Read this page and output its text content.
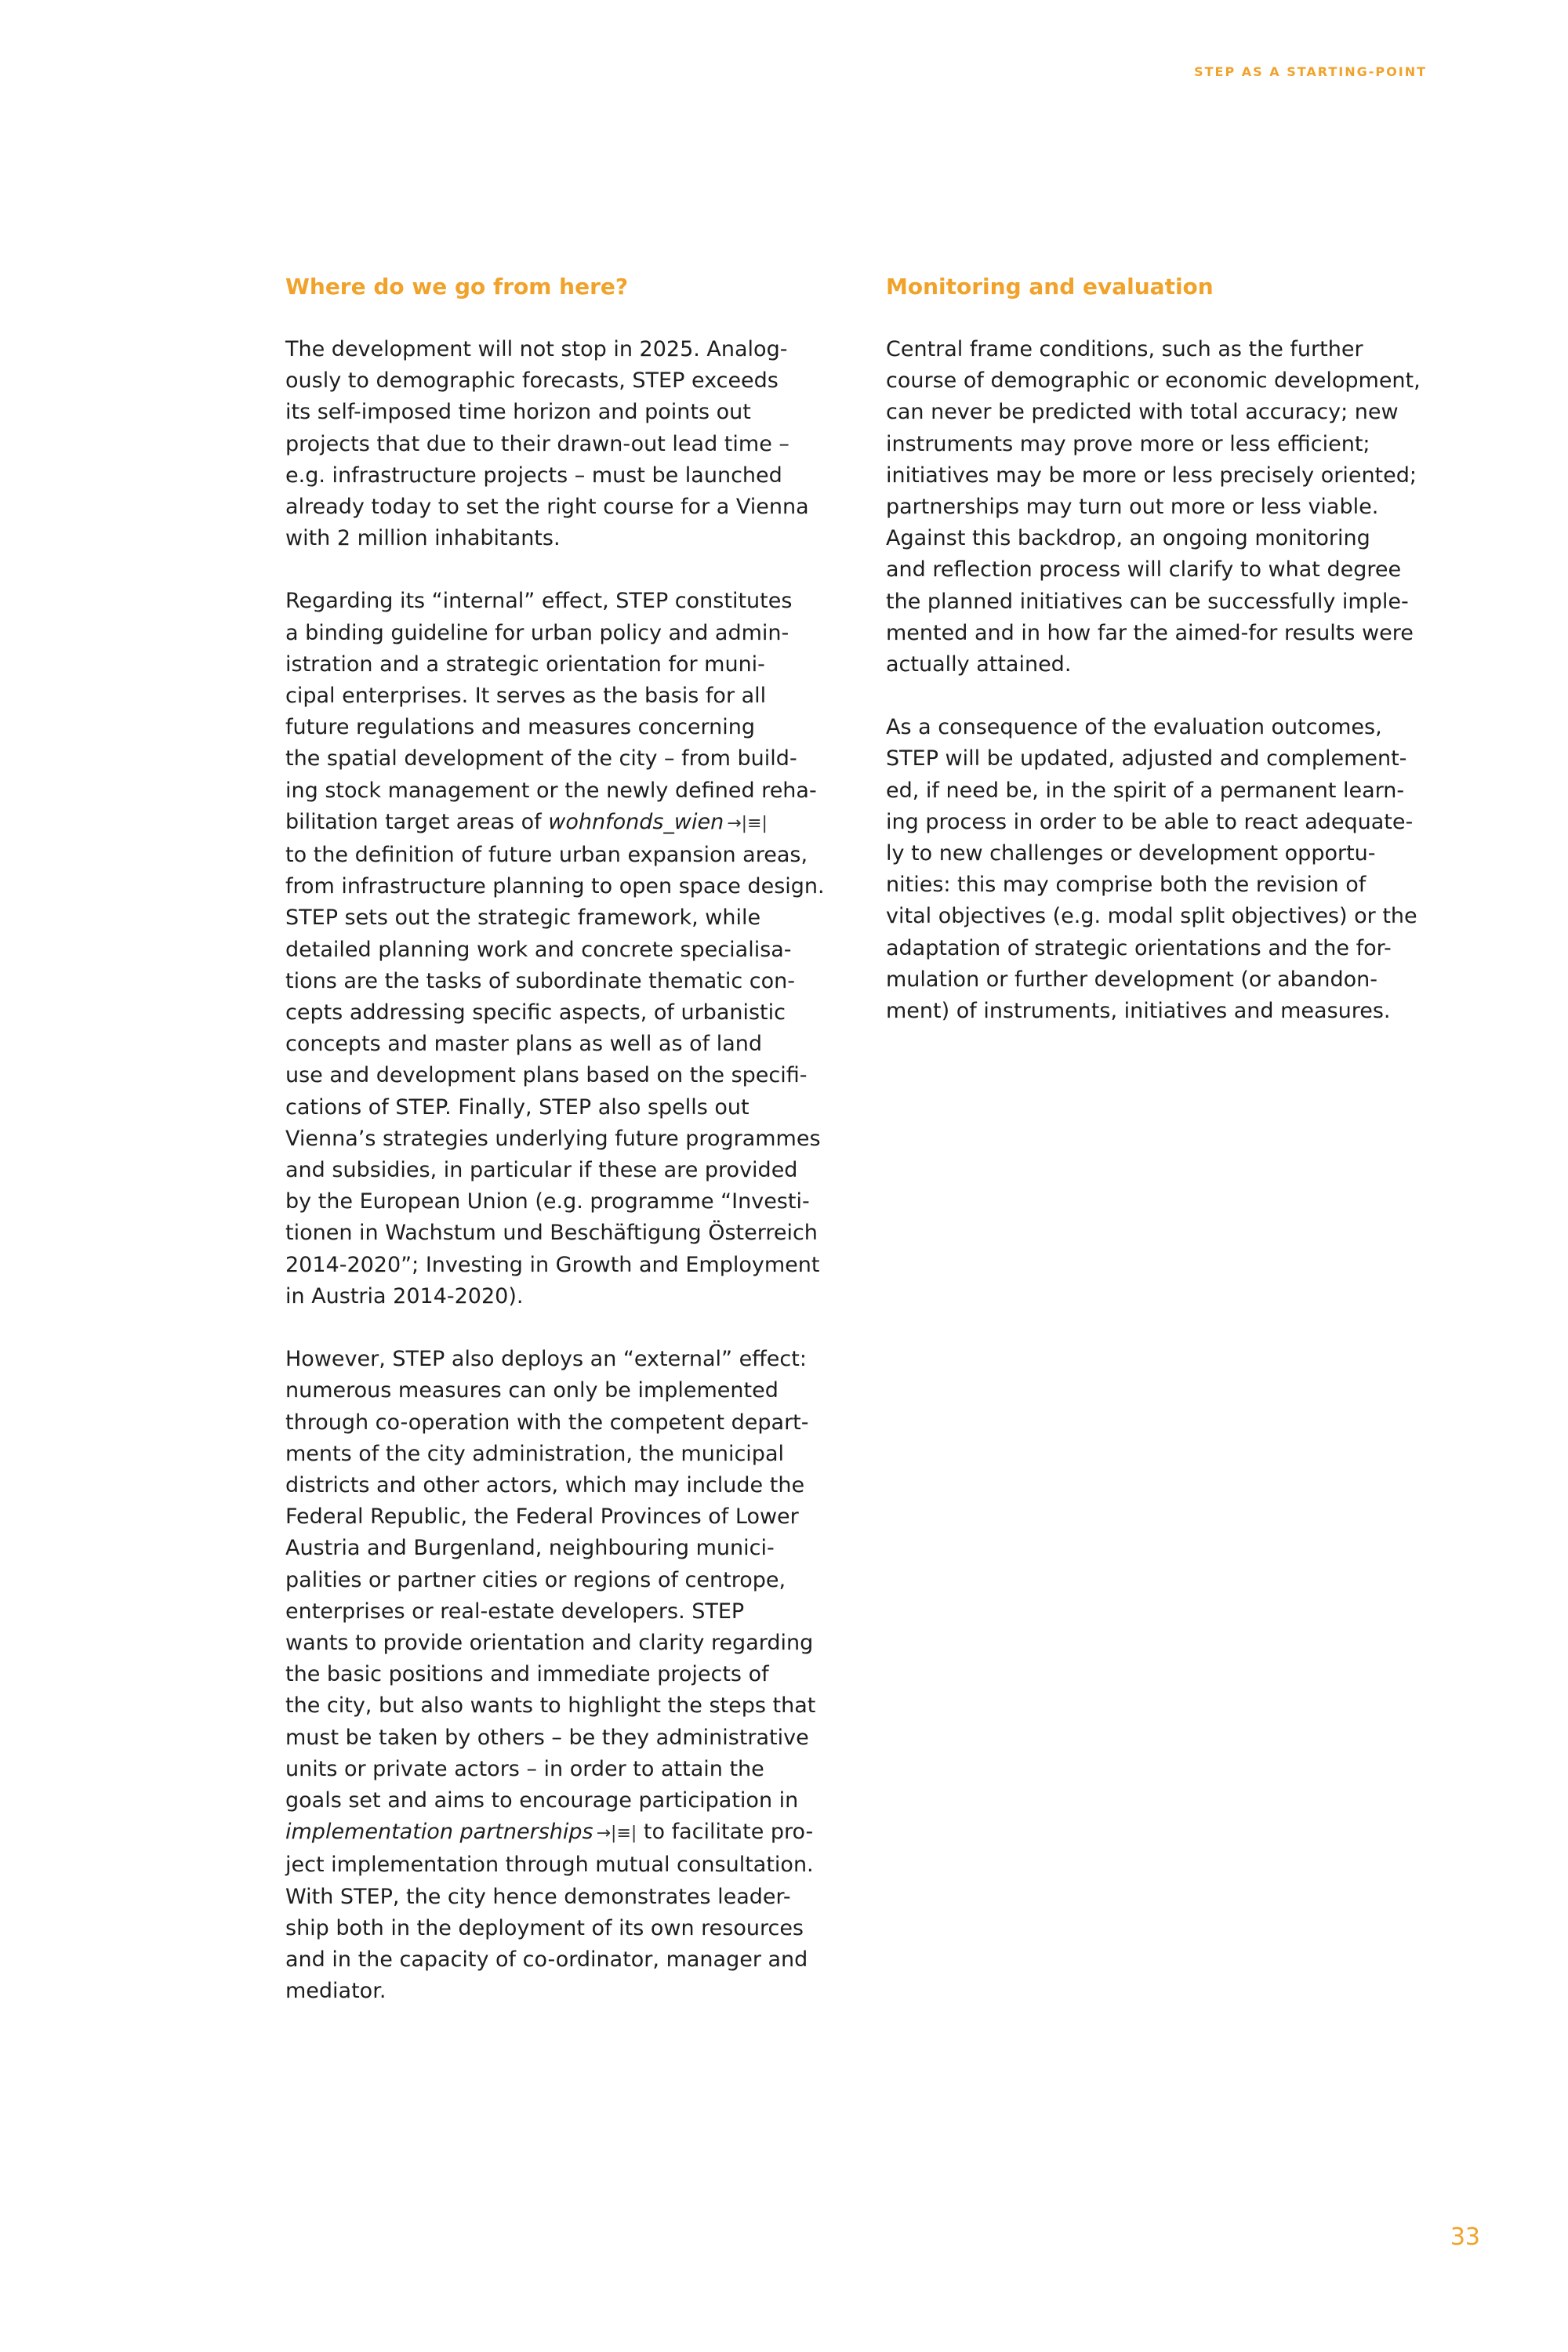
STEP AS A STARTING-POINT
Where do we go from here?
The development will not stop in 2025. Analog-
ously to demographic forecasts, STEP exceeds
its self-imposed time horizon and points out
projects that due to their drawn-out lead time –
e.g. infrastructure projects – must be launched
already today to set the right course for a Vienna
with 2 million inhabitants.
Regarding its “internal” effect, STEP constitutes
a binding guideline for urban policy and admin-
istration and a strategic orientation for muni-
cipal enterprises. It serves as the basis for all
future regulations and measures concerning
the spatial development of the city – from build-
ing stock management or the newly defined reha-
bilitation target areas of wohnfonds_wien →|≡|
to the definition of future urban expansion areas,
from infrastructure planning to open space design.
STEP sets out the strategic framework, while
detailed planning work and concrete specialisa-
tions are the tasks of subordinate thematic con-
cepts addressing specific aspects, of urbanistic
concepts and master plans as well as of land
use and development plans based on the specifi-
cations of STEP. Finally, STEP also spells out
Vienna’s strategies underlying future programmes
and subsidies, in particular if these are provided
by the European Union (e.g. programme “Investi-
tionen in Wachstum und Beschäftigung Österreich
2014-2020”; Investing in Growth and Employment
in Austria 2014-2020).
However, STEP also deploys an “external” effect:
numerous measures can only be implemented
through co-operation with the competent depart-
ments of the city administration, the municipal
districts and other actors, which may include the
Federal Republic, the Federal Provinces of Lower
Austria and Burgenland, neighbouring munici-
palities or partner cities or regions of centrope,
enterprises or real-estate developers. STEP
wants to provide orientation and clarity regarding
the basic positions and immediate projects of
the city, but also wants to highlight the steps that
must be taken by others – be they administrative
units or private actors – in order to attain the
goals set and aims to encourage participation in
implementation partnerships →|≡| to facilitate pro-
ject implementation through mutual consultation.
With STEP, the city hence demonstrates leader-
ship both in the deployment of its own resources
and in the capacity of co-ordinator, manager and
mediator.
Monitoring and evaluation
Central frame conditions, such as the further
course of demographic or economic development,
can never be predicted with total accuracy; new
instruments may prove more or less efficient;
initiatives may be more or less precisely oriented;
partnerships may turn out more or less viable.
Against this backdrop, an ongoing monitoring
and reflection process will clarify to what degree
the planned initiatives can be successfully imple-
mented and in how far the aimed-for results were
actually attained.
As a consequence of the evaluation outcomes,
STEP will be updated, adjusted and complement-
ed, if need be, in the spirit of a permanent learn-
ing process in order to be able to react adequate-
ly to new challenges or development opportu-
nities: this may comprise both the revision of
vital objectives (e.g. modal split objectives) or the
adaptation of strategic orientations and the for-
mulation or further development (or abandon-
ment) of instruments, initiatives and measures.
33
